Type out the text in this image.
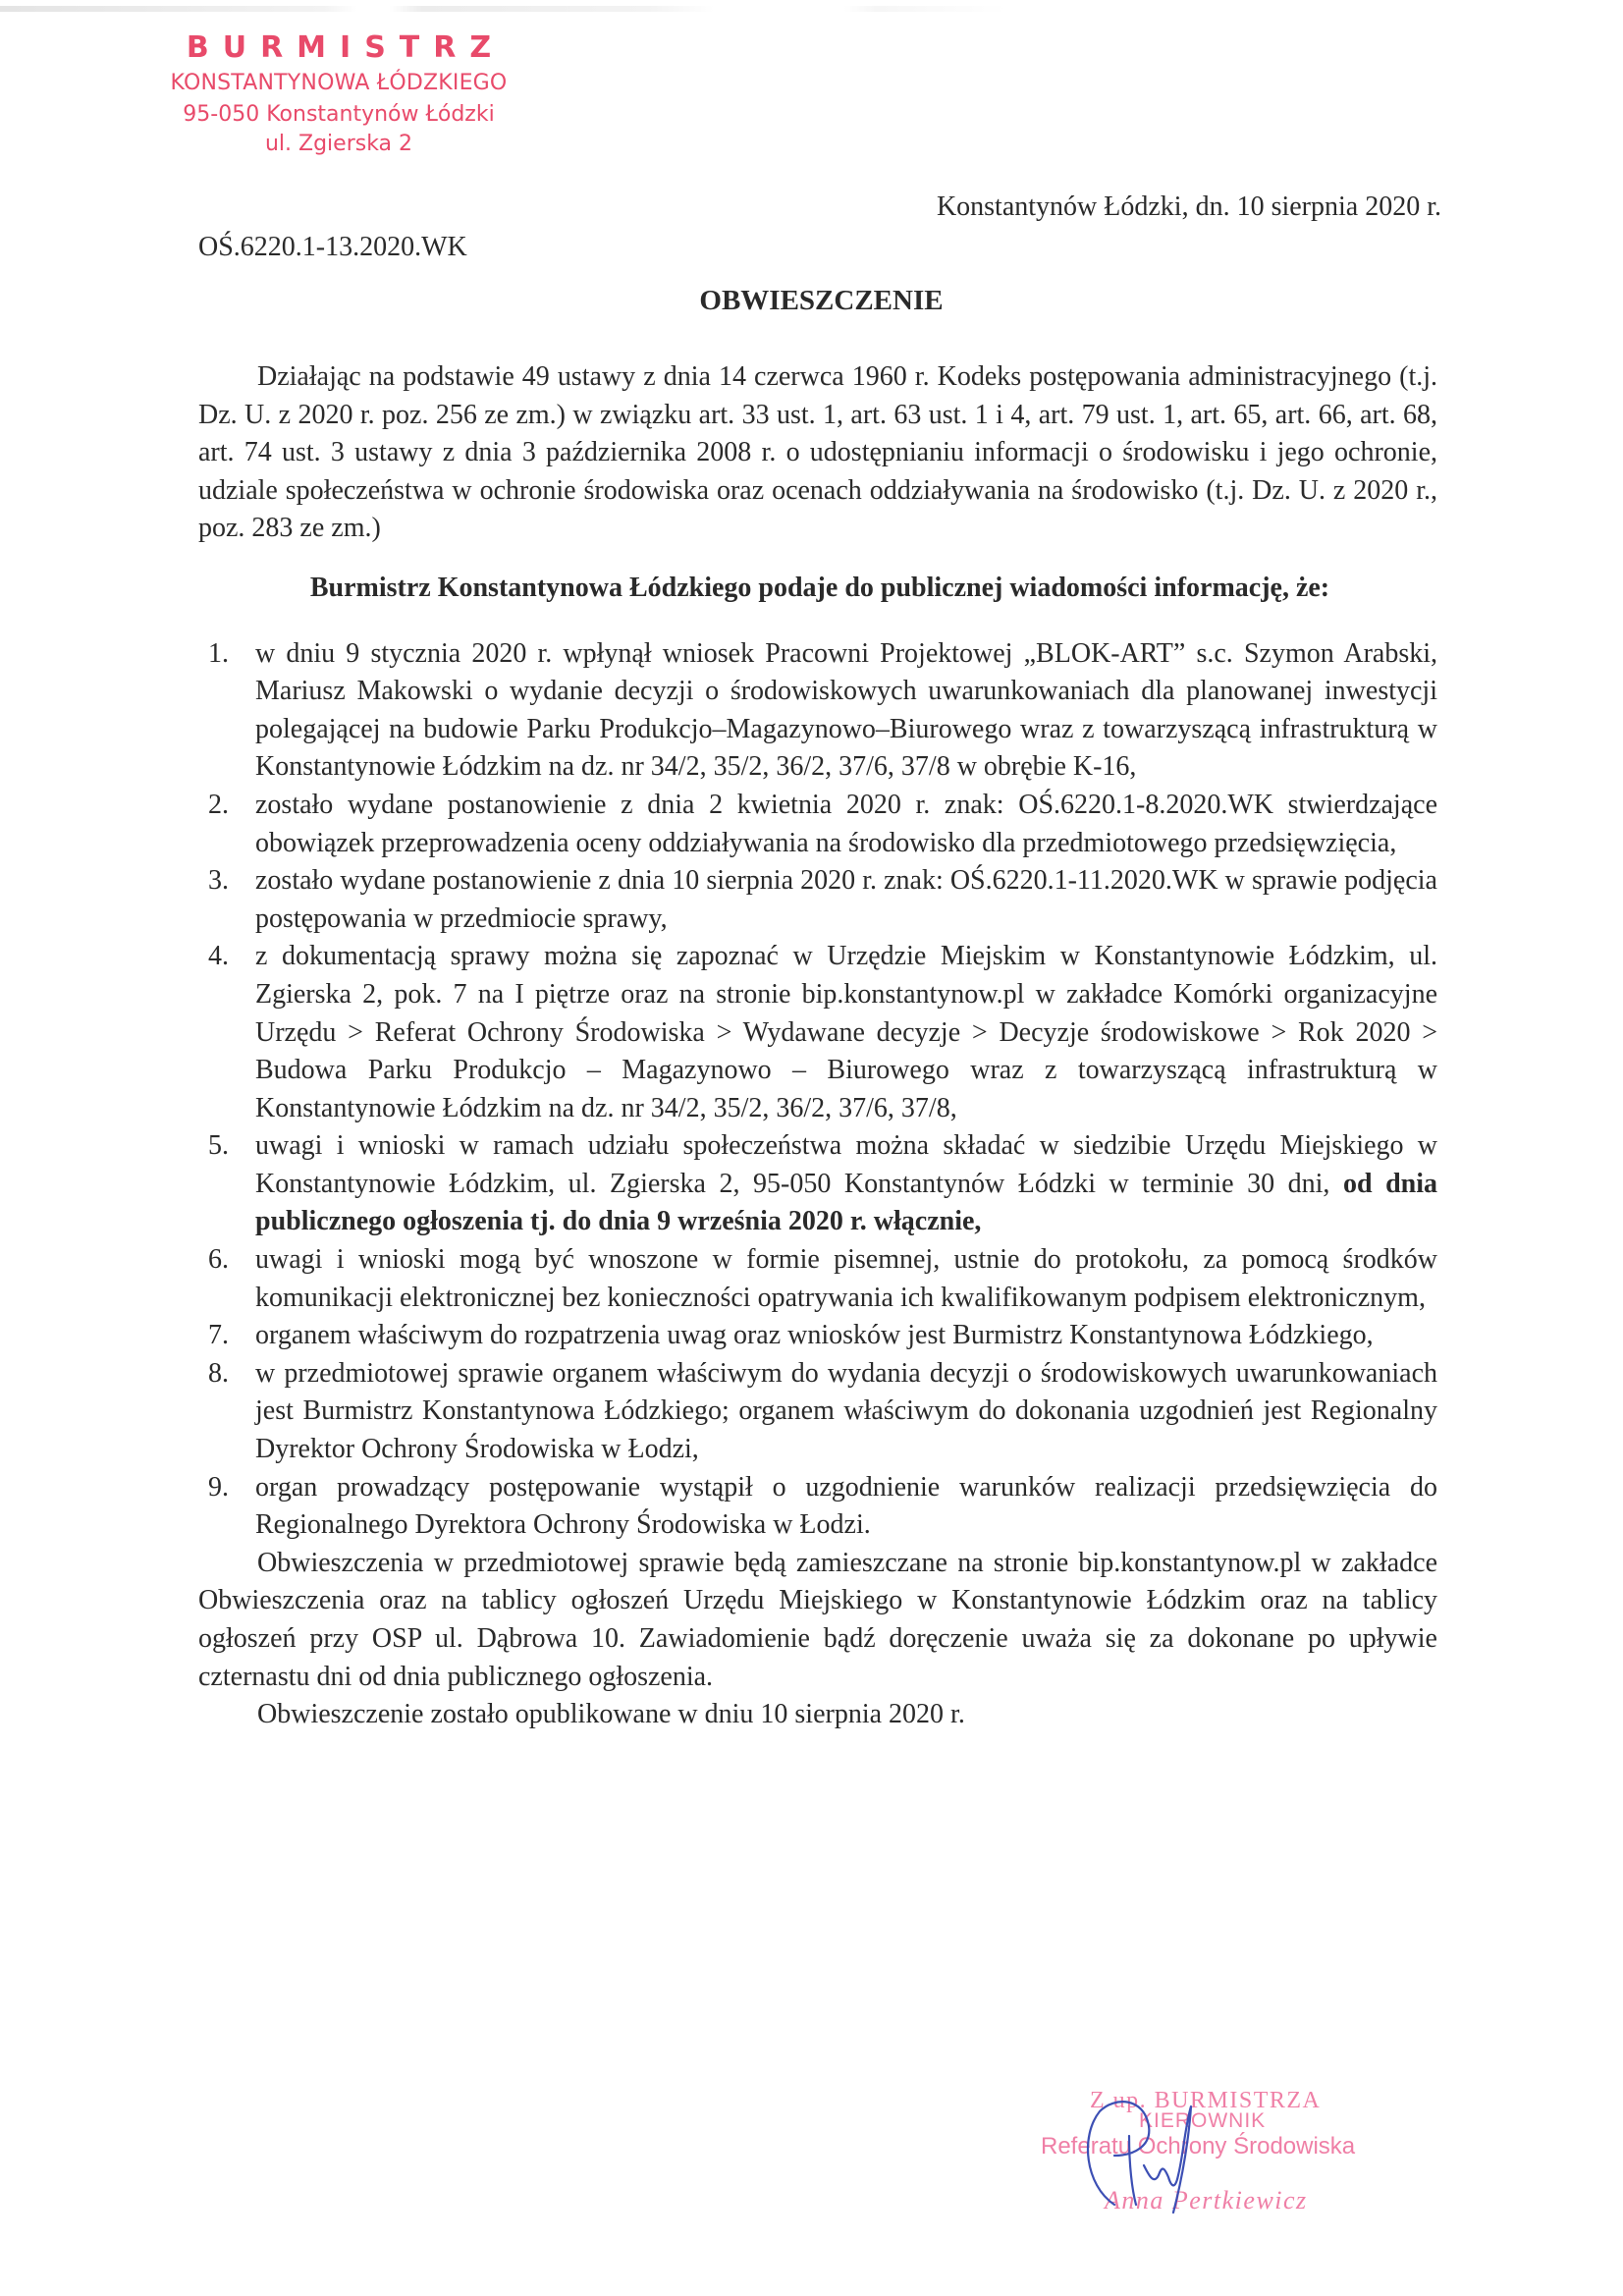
BURMISTRZ
KONSTANTYNOWA ŁÓDZKIEGO
95-050 Konstantynów Łódzki
ul. Zgierska 2
Konstantynów Łódzki, dn. 10 sierpnia 2020 r.
OŚ.6220.1-13.2020.WK
OBWIESZCZENIE

Działając na podstawie 49 ustawy z dnia 14 czerwca 1960 r. Kodeks postępowania administracyjnego (t.j. Dz. U. z 2020 r. poz. 256 ze zm.) w związku art. 33 ust. 1, art. 63 ust. 1 i 4, art. 79 ust. 1, art. 65, art. 66, art. 68, art. 74 ust. 3 ustawy z dnia 3 października 2008 r. o udostępnianiu informacji o środowisku i jego ochronie, udziale społeczeństwa w ochronie środowiska oraz ocenach oddziaływania na środowisko (t.j. Dz. U. z 2020 r., poz. 283 ze zm.)

Burmistrz Konstantynowa Łódzkiego podaje do publicznej wiadomości informację, że:
1. w dniu 9 stycznia 2020 r. wpłynął wniosek Pracowni Projektowej „BLOK-ART” s.c. Szymon Arabski, Mariusz Makowski o wydanie decyzji o środowiskowych uwarunkowaniach dla planowanej inwestycji polegającej na budowie Parku Produkcjo–Magazynowo–Biurowego wraz z towarzyszącą infrastrukturą w Konstantynowie Łódzkim na dz. nr 34/2, 35/2, 36/2, 37/6, 37/8 w obrębie K-16,
2. zostało wydane postanowienie z dnia 2 kwietnia 2020 r. znak: OŚ.6220.1-8.2020.WK stwierdzające obowiązek przeprowadzenia oceny oddziaływania na środowisko dla przedmiotowego przedsięwzięcia,
3. zostało wydane postanowienie z dnia 10 sierpnia 2020 r. znak: OŚ.6220.1-11.2020.WK w sprawie podjęcia postępowania w przedmiocie sprawy,
4. z dokumentacją sprawy można się zapoznać w Urzędzie Miejskim w Konstantynowie Łódzkim, ul. Zgierska 2, pok. 7 na I piętrze oraz na stronie bip.konstantynow.pl w zakładce Komórki organizacyjne Urzędu > Referat Ochrony Środowiska > Wydawane decyzje > Decyzje środowiskowe > Rok 2020 > Budowa Parku Produkcjo – Magazynowo – Biurowego wraz z towarzyszącą infrastrukturą w Konstantynowie Łódzkim na dz. nr 34/2, 35/2, 36/2, 37/6, 37/8,
5. uwagi i wnioski w ramach udziału społeczeństwa można składać w siedzibie Urzędu Miejskiego w Konstantynowie Łódzkim, ul. Zgierska 2, 95-050 Konstantynów Łódzki w terminie 30 dni, od dnia publicznego ogłoszenia tj. do dnia 9 września 2020 r. włącznie,
6. uwagi i wnioski mogą być wnoszone w formie pisemnej, ustnie do protokołu, za pomocą środków komunikacji elektronicznej bez konieczności opatrywania ich kwalifikowanym podpisem elektronicznym,
7. organem właściwym do rozpatrzenia uwag oraz wniosków jest Burmistrz Konstantynowa Łódzkiego,
8. w przedmiotowej sprawie organem właściwym do wydania decyzji o środowiskowych uwarunkowaniach jest Burmistrz Konstantynowa Łódzkiego; organem właściwym do dokonania uzgodnień jest Regionalny Dyrektor Ochrony Środowiska w Łodzi,
9. organ prowadzący postępowanie wystąpił o uzgodnienie warunków realizacji przedsięwzięcia do Regionalnego Dyrektora Ochrony Środowiska w Łodzi.

Obwieszczenia w przedmiotowej sprawie będą zamieszczane na stronie bip.konstantynow.pl w zakładce Obwieszczenia oraz na tablicy ogłoszeń Urzędu Miejskiego w Konstantynowie Łódzkim oraz na tablicy ogłoszeń przy OSP ul. Dąbrowa 10. Zawiadomienie bądź doręczenie uważa się za dokonane po upływie czternastu dni od dnia publicznego ogłoszenia.

Obwieszczenie zostało opublikowane w dniu 10 sierpnia 2020 r.

Z up. BURMISTRZA
KIEROWNIK
Referatu Ochrony Środowiska
Anna Pertkiewicz
